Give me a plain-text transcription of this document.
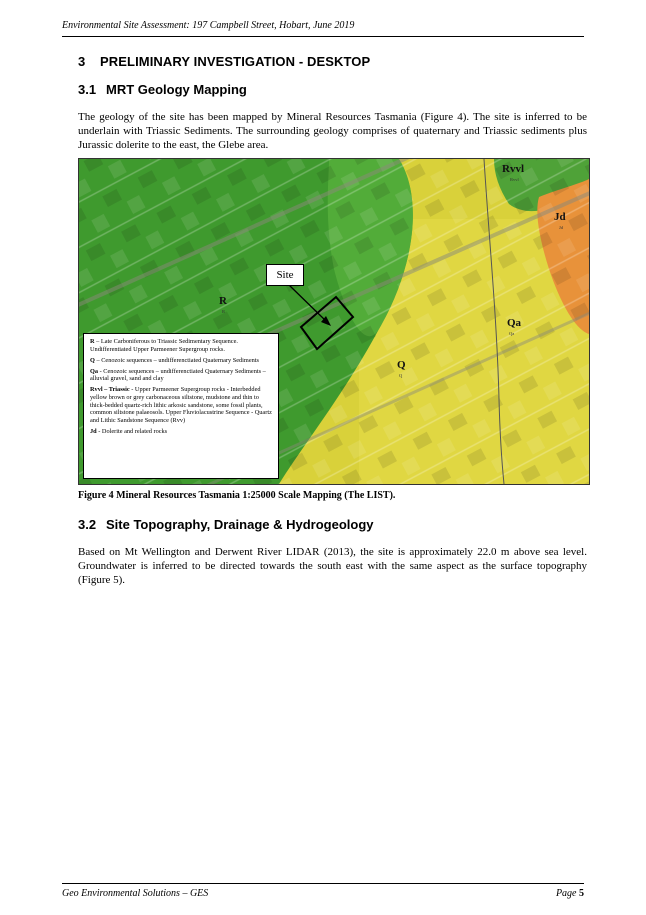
Environmental Site Assessment: 197 Campbell Street, Hobart, June 2019
3 PRELIMINARY INVESTIGATION - DESKTOP
3.1 MRT Geology Mapping
The geology of the site has been mapped by Mineral Resources Tasmania (Figure 4). The site is inferred to be underlain with Triassic Sediments. The surrounding geology comprises of quaternary and Triassic sediments plus Jurassic dolerite to the east, the Glebe area.
Site
R
R
Q
Q
Qa
Qa
Rvvl
Rvvl
Jd
Jd
R – Late Carboniferous to Triassic Sedimentary Sequence. Undifferentiated Upper Parmeener Supergroup rocks.
Q – Cenozoic sequences – undifferenctiated Quaternary Sediments
Qa - Cenozoic sequences – undifferenctiated Quaternary Sediments – alluvial gravel, sand and clay
Rvvl – Triassic - Upper Parmeener Supergroup rocks - Interbedded yellow brown or grey carbonaceous siltstone, mudstone and thin to thick-bedded quartz-rich lithic arkosic sandstone, some fossil plants, common siltstone palaeosols. Upper Fluviolacustrine Sequence - Quartz and Lithic Sandstone Sequence (Rvv)
Jd - Dolerite and related rocks
Figure 4 Mineral Resources Tasmania 1:25000 Scale Mapping (The LIST).
3.2 Site Topography, Drainage & Hydrogeology
Based on Mt Wellington and Derwent River LIDAR (2013), the site is approximately 22.0 m above sea level. Groundwater is inferred to be directed towards the south east with the same aspect as the surface topography (Figure 5).
Geo Environmental Solutions – GES	Page 5
